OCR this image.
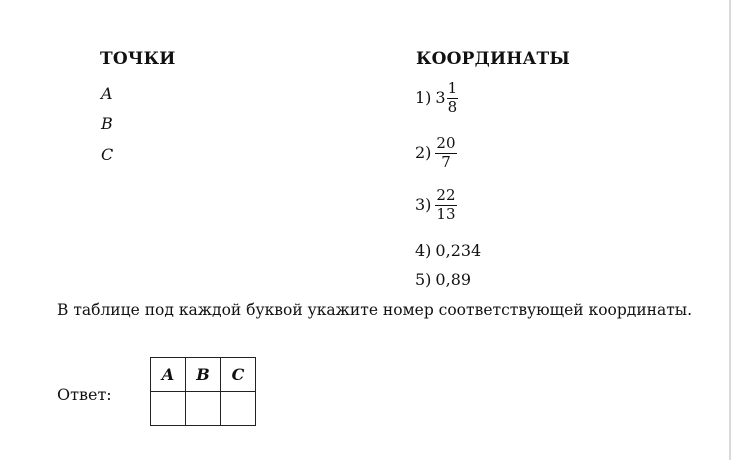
ТОЧКИ	КООРДИНАТЫ
A
B
C
1) $3 \frac{1}{8}$
$2) \frac{20}{7}$
$3) \frac{22}{13}$
4) 0,234
5) 0,89
В таблице под каждой буквой укажите номер соответствующей координаты.
Ответ:
A	B	C
